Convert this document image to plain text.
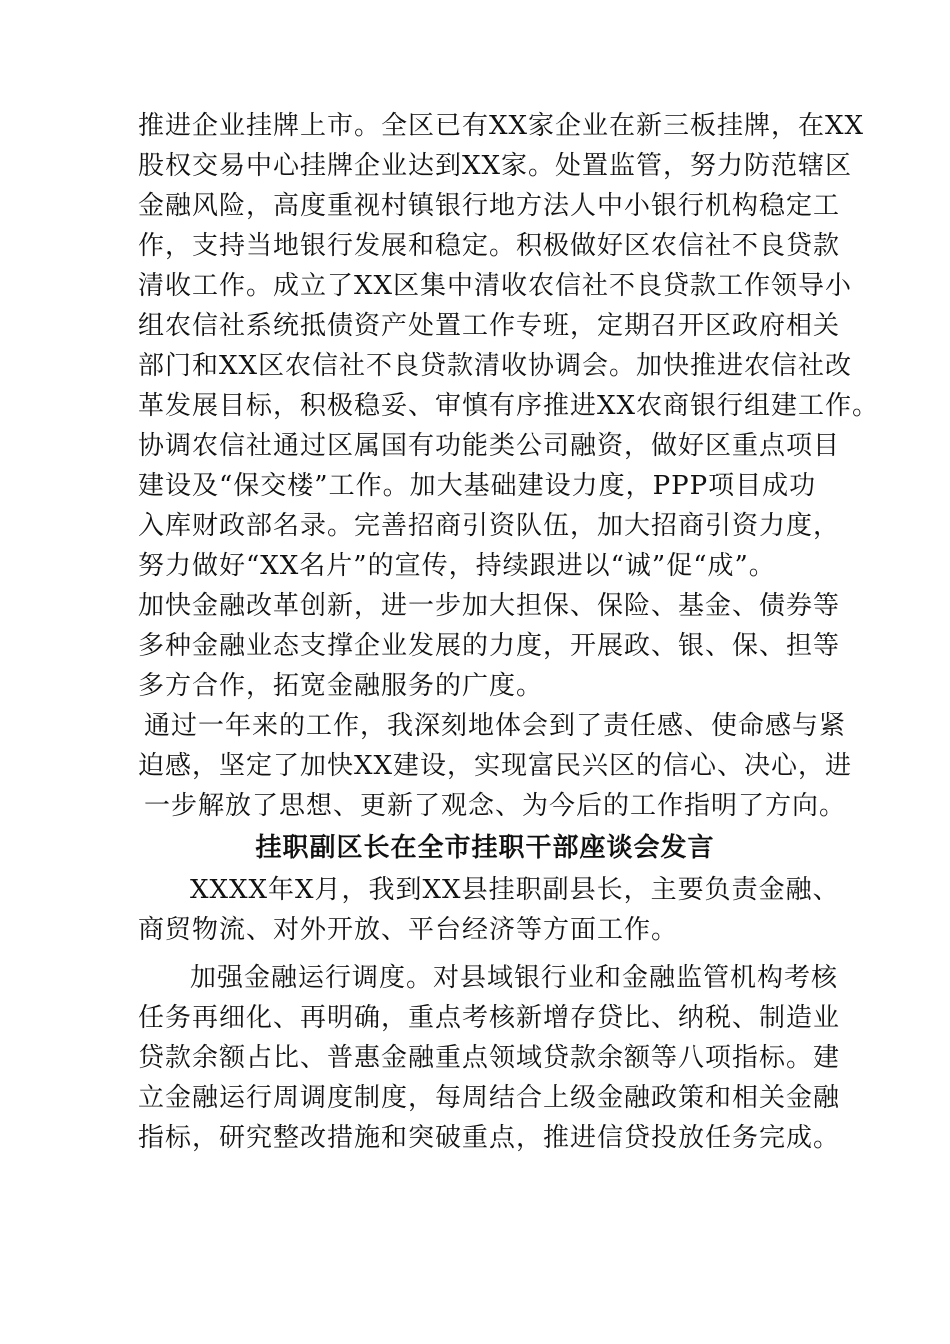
推进企业挂牌上市。全区已有XX家企业在新三板挂牌，在XX
股权交易中心挂牌企业达到XX家。处置监管，努力防范辖区
金融风险，高度重视村镇银行地方法人中小银行机构稳定工
作，支持当地银行发展和稳定。积极做好区农信社不良贷款
清收工作。成立了XX区集中清收农信社不良贷款工作领导小
组农信社系统抵债资产处置工作专班，定期召开区政府相关
部门和XX区农信社不良贷款清收协调会。加快推进农信社改
革发展目标，积极稳妥、审慎有序推进XX农商银行组建工作。
协调农信社通过区属国有功能类公司融资，做好区重点项目
建设及“保交楼”工作。加大基础建设力度，PPP项目成功
入库财政部名录。完善招商引资队伍，加大招商引资力度，
努力做好“XX名片”的宣传，持续跟进以“诚”促“成”。
加快金融改革创新，进一步加大担保、保险、基金、债券等
多种金融业态支撑企业发展的力度，开展政、银、保、担等
多方合作，拓宽金融服务的广度。
通过一年来的工作，我深刻地体会到了责任感、使命感与紧
迫感，坚定了加快XX建设，实现富民兴区的信心、决心，进
一步解放了思想、更新了观念、为今后的工作指明了方向。
挂职副区长在全市挂职干部座谈会发言
XXXX年X月，我到XX县挂职副县长，主要负责金融、
商贸物流、对外开放、平台经济等方面工作。
加强金融运行调度。对县域银行业和金融监管机构考核
任务再细化、再明确，重点考核新增存贷比、纳税、制造业
贷款余额占比、普惠金融重点领域贷款余额等八项指标。建
立金融运行周调度制度，每周结合上级金融政策和相关金融
指标，研究整改措施和突破重点，推进信贷投放任务完成。
